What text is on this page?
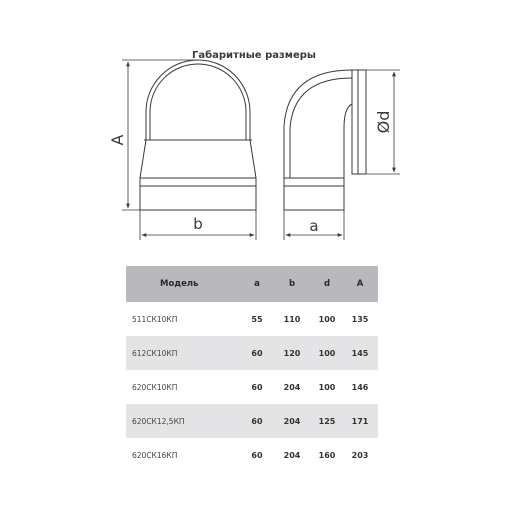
Габаритные размеры
A
b
Ød
a
Модель	a	b	d	A
511СК10КП	55	110	100	135
612СК10КП	60	120	100	145
620СК10КП	60	204	100	146
620СК12,5КП	60	204	125	171
620СК16КП	60	204	160	203
